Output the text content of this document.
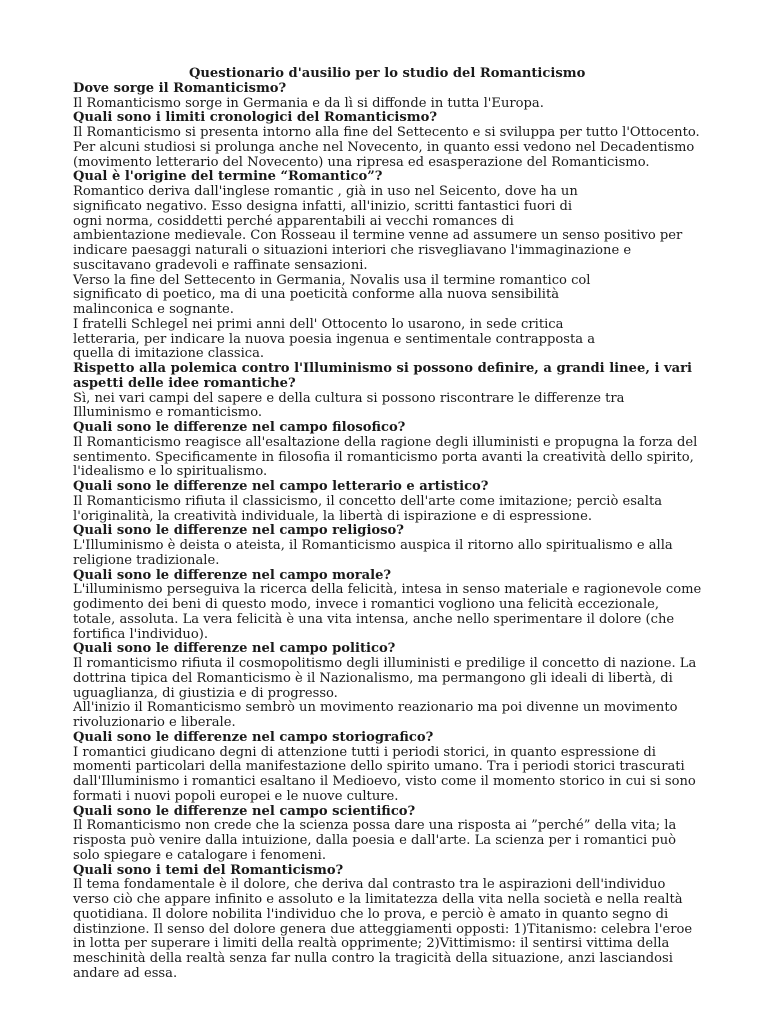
Questionario d'ausilio per lo studio del Romanticismo
Dove sorge il Romanticismo?
Il Romanticismo sorge in Germania e da lì si diffonde in tutta l'Europa.
Quali sono i limiti cronologici del Romanticismo?
Il Romanticismo si presenta intorno alla fine del Settecento e si sviluppa per tutto l'Ottocento.
Per alcuni studiosi si prolunga anche nel Novecento, in quanto essi vedono nel Decadentismo
(movimento letterario del Novecento) una ripresa ed esasperazione del Romanticismo.
Qual è l'origine del termine “Romantico”?
Romantico deriva dall'inglese romantic , già in uso nel Seicento, dove ha un
significato negativo. Esso designa infatti, all'inizio, scritti fantastici fuori di
ogni norma, cosiddetti perché apparentabili ai vecchi romances di
ambientazione medievale. Con Rosseau il termine venne ad assumere un senso positivo per
indicare paesaggi naturali o situazioni interiori che risvegliavano l'immaginazione e
suscitavano gradevoli e raffinate sensazioni.
Verso la fine del Settecento in Germania, Novalis usa il termine romantico col
significato di poetico, ma di una poeticità conforme alla nuova sensibilità
malinconica e sognante.
I fratelli Schlegel nei primi anni dell' Ottocento lo usarono, in sede critica
letteraria, per indicare la nuova poesia ingenua e sentimentale contrapposta a
quella di imitazione classica.
Rispetto alla polemica contro l'Illuminismo si possono definire, a grandi linee, i vari aspetti delle idee romantiche?
Sì, nei vari campi del sapere e della cultura si possono riscontrare le differenze tra
Illuminismo e romanticismo.
Quali sono le differenze nel campo filosofico?
Il Romanticismo reagisce all'esaltazione della ragione degli illuministi e propugna la forza del
sentimento. Specificamente in filosofia il romanticismo porta avanti la creatività dello spirito,
l'idealismo e lo spiritualismo.
Quali sono le differenze nel campo letterario e artistico?
Il Romanticismo rifiuta il classicismo, il concetto dell'arte come imitazione; perciò esalta
l'originalità, la creatività individuale, la libertà di ispirazione e di espressione.
Quali sono le differenze nel campo religioso?
L'Illuminismo è deista o ateista, il Romanticismo auspica il ritorno allo spiritualismo e alla
religione tradizionale.
Quali sono le differenze nel campo morale?
L'illuminismo perseguiva la ricerca della felicità, intesa in senso materiale e ragionevole come
godimento dei beni di questo modo, invece i romantici vogliono una felicità eccezionale,
totale, assoluta. La vera felicità è una vita intensa, anche nello sperimentare il dolore (che
fortifica l'individuo).
Quali sono le differenze nel campo politico?
Il romanticismo rifiuta il cosmopolitismo degli illuministi e predilige il concetto di nazione. La
dottrina tipica del Romanticismo è il Nazionalismo, ma permangono gli ideali di libertà, di
uguaglianza, di giustizia e di progresso.
All'inizio il Romanticismo sembrò un movimento reazionario ma poi divenne un movimento
rivoluzionario e liberale.
Quali sono le differenze nel campo storiografico?
I romantici giudicano degni di attenzione tutti i periodi storici, in quanto espressione di
momenti particolari della manifestazione dello spirito umano. Tra i periodi storici trascurati
dall'Illuminismo i romantici esaltano il Medioevo, visto come il momento storico in cui si sono
formati i nuovi popoli europei e le nuove culture.
Quali sono le differenze nel campo scientifico?
Il Romanticismo non crede che la scienza possa dare una risposta ai ”perché” della vita; la
risposta può venire dalla intuizione, dalla poesia e dall'arte. La scienza per i romantici può
solo spiegare e catalogare i fenomeni.
Quali sono i temi del Romanticismo?
Il tema fondamentale è il dolore, che deriva dal contrasto tra le aspirazioni dell'individuo
verso ciò che appare infinito e assoluto e la limitatezza della vita nella società e nella realtà
quotidiana. Il dolore nobilita l'individuo che lo prova, e perciò è amato in quanto segno di
distinzione. Il senso del dolore genera due atteggiamenti opposti: 1)Titanismo: celebra l'eroe
in lotta per superare i limiti della realtà opprimente; 2)Vittimismo: il sentirsi vittima della
meschinità della realtà senza far nulla contro la tragicità della situazione, anzi lasciandosi
andare ad essa.
